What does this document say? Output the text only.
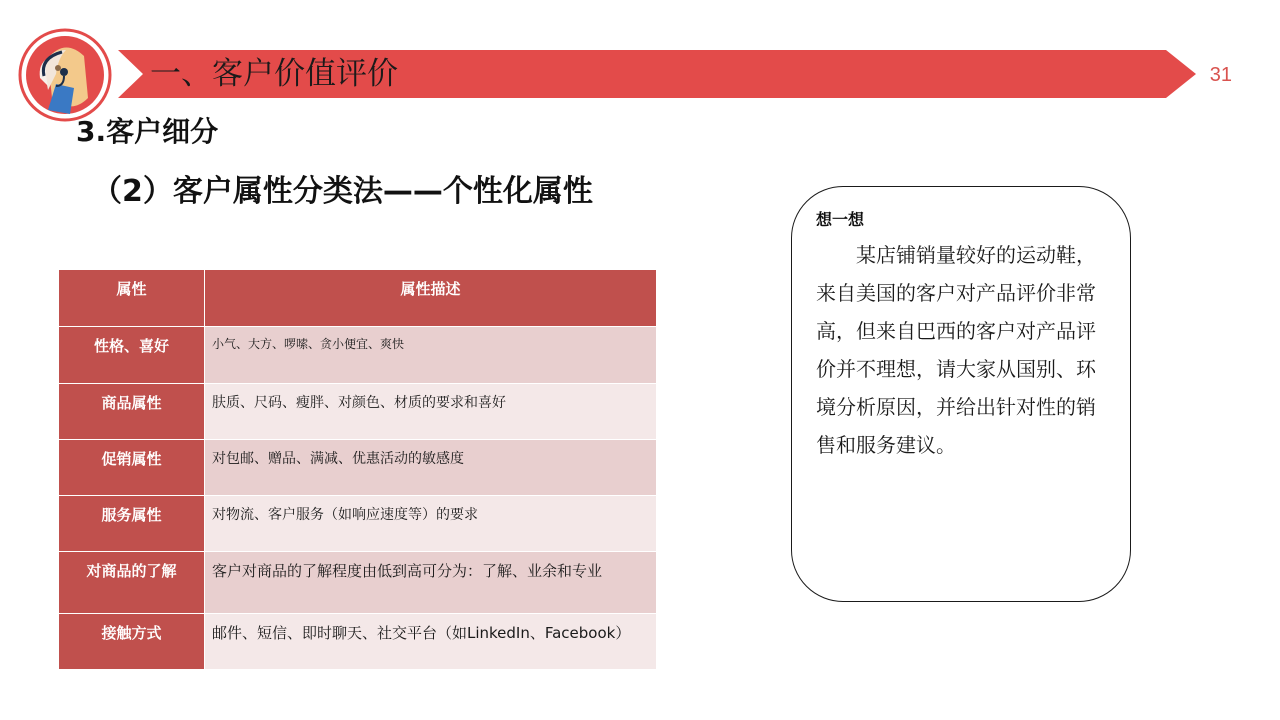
一、客户价值评价	31
3.客户细分
（2）客户属性分类法——个性化属性
属性	属性描述
性格、喜好	小气、大方、啰嗦、贪小便宜、爽快
商品属性	肤质、尺码、瘦胖、对颜色、材质的要求和喜好
促销属性	对包邮、赠品、满减、优惠活动的敏感度
服务属性	对物流、客户服务（如响应速度等）的要求
对商品的了解	客户对商品的了解程度由低到高可分为：了解、业余和专业
接触方式	邮件、短信、即时聊天、社交平台（如LinkedIn、Facebook）
想一想
某店铺销量较好的运动鞋，来自美国的客户对产品评价非常高，但来自巴西的客户对产品评价并不理想，请大家从国别、环境分析原因，并给出针对性的销售和服务建议。
